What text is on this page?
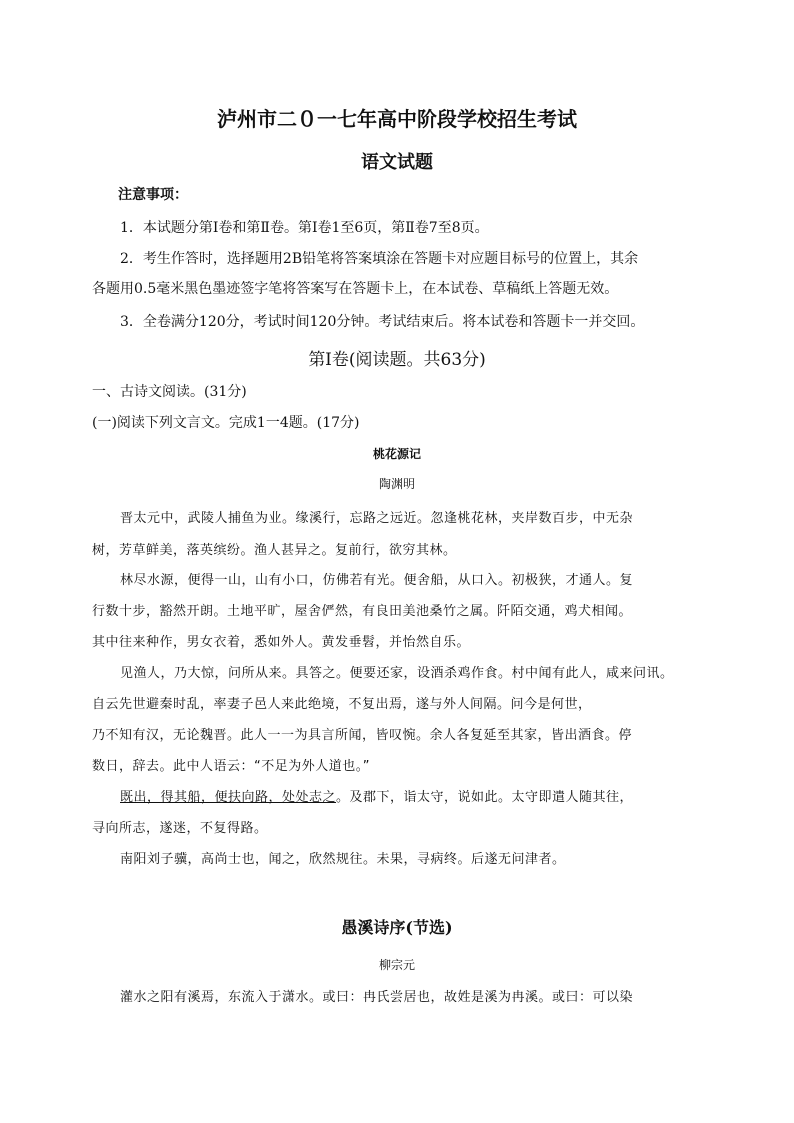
泸州市二０一七年高中阶段学校招生考试
语文试题
注意事项：
1．本试题分第Ⅰ卷和第Ⅱ卷。第Ⅰ卷1至6页，第Ⅱ卷7至8页。
2．考生作答时，选择题用2B铅笔将答案填涂在答题卡对应题目标号的位置上，其余
各题用0.5毫米黑色墨迹签字笔将答案写在答题卡上，在本试卷、草稿纸上答题无效。
3．全卷满分120分，考试时间120分钟。考试结束后。将本试卷和答题卡一并交回。
第Ⅰ卷(阅读题。共63分)
一、古诗文阅读。(31分)
(一)阅读下列文言文。完成1一4题。(17分)
桃花源记
陶渊明
晋太元中，武陵人捕鱼为业。缘溪行，忘路之远近。忽逢桃花林，夹岸数百步，中无杂
树，芳草鲜美，落英缤纷。渔人甚异之。复前行，欲穷其林。
林尽水源，便得一山，山有小口，仿佛若有光。便舍船，从口入。初极狭，才通人。复
行数十步，豁然开朗。土地平旷，屋舍俨然，有良田美池桑竹之属。阡陌交通，鸡犬相闻。
其中往来种作，男女衣着，悉如外人。黄发垂髫，并怡然自乐。
见渔人，乃大惊，问所从来。具答之。便要还家，设酒杀鸡作食。村中闻有此人，咸来问讯。
自云先世避秦时乱，率妻子邑人来此绝境，不复出焉，遂与外人间隔。问今是何世，
乃不知有汉，无论魏晋。此人一一为具言所闻，皆叹惋。余人各复延至其家，皆出酒食。停
数日，辞去。此中人语云：“不足为外人道也。”
既出，得其船，便扶向路，处处志之。及郡下，诣太守，说如此。太守即遣人随其往，
寻向所志，遂迷，不复得路。
南阳刘子骥，高尚士也，闻之，欣然规往。未果，寻病终。后遂无问津者。
愚溪诗序(节选)
柳宗元
灌水之阳有溪焉，东流入于潇水。或曰：冉氏尝居也，故姓是溪为冉溪。或曰：可以染
